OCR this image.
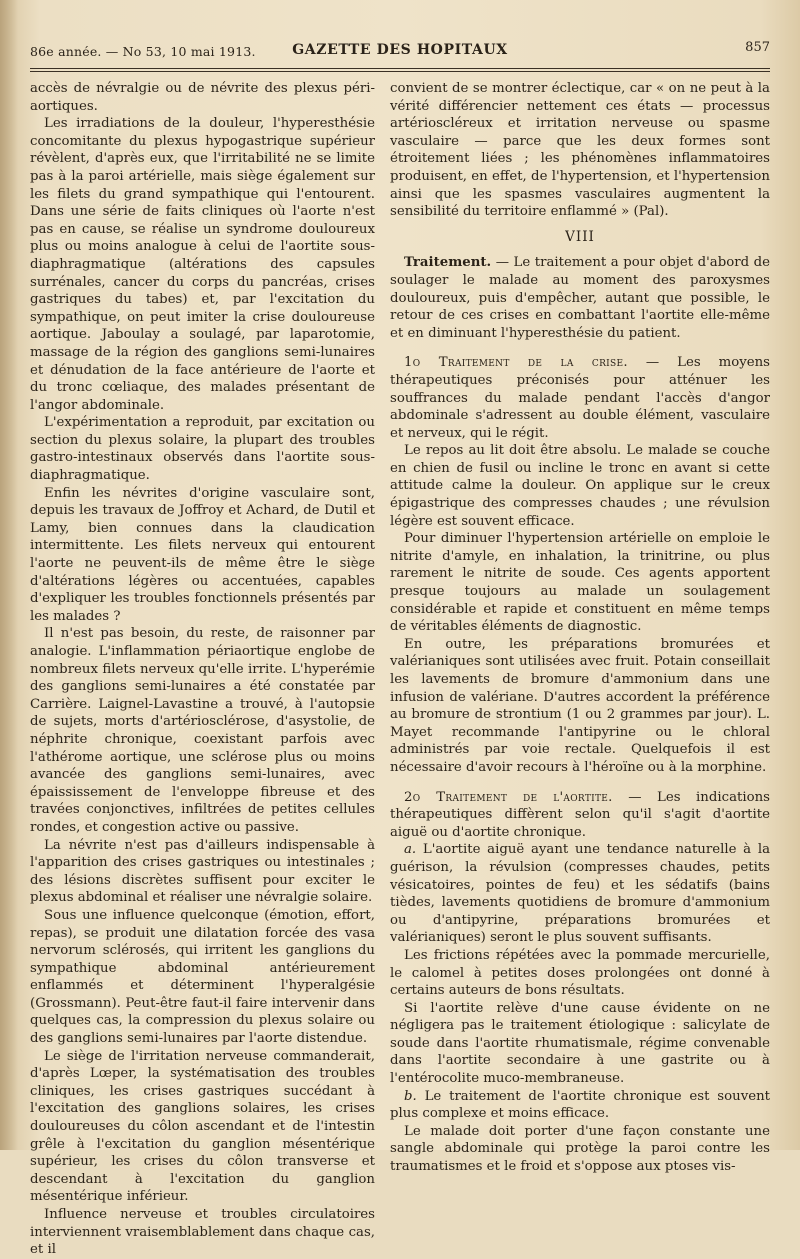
86e année. — No 53, 10 mai 1913.	GAZETTE DES HOPITAUX	857

accès de névralgie ou de névrite des plexus péri-aortiques.

Les irradiations de la douleur, l'hyperesthésie concomitante du plexus hypogastrique supérieur révèlent, d'après eux, que l'irritabilité ne se limite pas à la paroi artérielle, mais siège également sur les filets du grand sympathique qui l'entourent. Dans une série de faits cliniques où l'aorte n'est pas en cause, se réalise un syndrome douloureux plus ou moins analogue à celui de l'aortite sous-diaphragmatique (altérations des capsules surrénales, cancer du corps du pancréas, crises gastriques du tabes) et, par l'excitation du sympathique, on peut imiter la crise douloureuse aortique. Jaboulay a soulagé, par laparotomie, massage de la région des ganglions semi-lunaires et dénudation de la face antérieure de l'aorte et du tronc cœliaque, des malades présentant de l'angor abdominale.

L'expérimentation a reproduit, par excitation ou section du plexus solaire, la plupart des troubles gastro-intestinaux observés dans l'aortite sous-diaphragmatique.

Enfin les névrites d'origine vasculaire sont, depuis les travaux de Joffroy et Achard, de Dutil et Lamy, bien connues dans la claudication intermittente. Les filets nerveux qui entourent l'aorte ne peuvent-ils de même être le siège d'altérations légères ou accentuées, capables d'expliquer les troubles fonctionnels présentés par les malades ?

Il n'est pas besoin, du reste, de raisonner par analogie. L'inflammation périaortique englobe de nombreux filets nerveux qu'elle irrite. L'hyperémie des ganglions semi-lunaires a été constatée par Carrière. Laignel-Lavastine a trouvé, à l'autopsie de sujets, morts d'artériosclérose, d'asystolie, de néphrite chronique, coexistant parfois avec l'athérome aortique, une sclérose plus ou moins avancée des ganglions semi-lunaires, avec épaississement de l'enveloppe fibreuse et des travées conjonctives, infiltrées de petites cellules rondes, et congestion active ou passive.

La névrite n'est pas d'ailleurs indispensable à l'apparition des crises gastriques ou intestinales ; des lésions discrètes suffisent pour exciter le plexus abdominal et réaliser une névralgie solaire.

Sous une influence quelconque (émotion, effort, repas), se produit une dilatation forcée des vasa nervorum sclérosés, qui irritent les ganglions du sympathique abdominal antérieurement enflammés et déterminent l'hyperalgésie (Grossmann). Peut-être faut-il faire intervenir dans quelques cas, la compression du plexus solaire ou des ganglions semi-lunaires par l'aorte distendue.

Le siège de l'irritation nerveuse commanderait, d'après Lœper, la systématisation des troubles cliniques, les crises gastriques succédant à l'excitation des ganglions solaires, les crises douloureuses du côlon ascendant et de l'intestin grêle à l'excitation du ganglion mésentérique supérieur, les crises du côlon transverse et descendant à l'excitation du ganglion mésentérique inférieur.

Influence nerveuse et troubles circulatoires interviennent vraisemblablement dans chaque cas, et il

convient de se montrer éclectique, car « on ne peut à la vérité différencier nettement ces états — processus artérioscléreux et irritation nerveuse ou spasme vasculaire — parce que les deux formes sont étroitement liées ; les phénomènes inflammatoires produisent, en effet, de l'hypertension, et l'hypertension ainsi que les spasmes vasculaires augmentent la sensibilité du territoire enflammé » (Pal).

VIII

Traitement. — Le traitement a pour objet d'abord de soulager le malade au moment des paroxysmes douloureux, puis d'empêcher, autant que possible, le retour de ces crises en combattant l'aortite elle-même et en diminuant l'hyperesthésie du patient.

1o Traitement de la crise. — Les moyens thérapeutiques préconisés pour atténuer les souffrances du malade pendant l'accès d'angor abdominale s'adressent au double élément, vasculaire et nerveux, qui le régit.

Le repos au lit doit être absolu. Le malade se couche en chien de fusil ou incline le tronc en avant si cette attitude calme la douleur. On applique sur le creux épigastrique des compresses chaudes ; une révulsion légère est souvent efficace.

Pour diminuer l'hypertension artérielle on emploie le nitrite d'amyle, en inhalation, la trinitrine, ou plus rarement le nitrite de soude. Ces agents apportent presque toujours au malade un soulagement considérable et rapide et constituent en même temps de véritables éléments de diagnostic.

En outre, les préparations bromurées et valérianiques sont utilisées avec fruit. Potain conseillait les lavements de bromure d'ammonium dans une infusion de valériane. D'autres accordent la préférence au bromure de strontium (1 ou 2 grammes par jour). L. Mayet recommande l'antipyrine ou le chloral administrés par voie rectale. Quelquefois il est nécessaire d'avoir recours à l'héroïne ou à la morphine.

2o Traitement de l'aortite. — Les indications thérapeutiques diffèrent selon qu'il s'agit d'aortite aiguë ou d'aortite chronique.

a. L'aortite aiguë ayant une tendance naturelle à la guérison, la révulsion (compresses chaudes, petits vésicatoires, pointes de feu) et les sédatifs (bains tièdes, lavements quotidiens de bromure d'ammonium ou d'antipyrine, préparations bromurées et valérianiques) seront le plus souvent suffisants.

Les frictions répétées avec la pommade mercurielle, le calomel à petites doses prolongées ont donné à certains auteurs de bons résultats.

Si l'aortite relève d'une cause évidente on ne négligera pas le traitement étiologique : salicylate de soude dans l'aortite rhumatismale, régime convenable dans l'aortite secondaire à une gastrite ou à l'entérocolite muco-membraneuse.

b. Le traitement de l'aortite chronique est souvent plus complexe et moins efficace.

Le malade doit porter d'une façon constante une sangle abdominale qui protège la paroi contre les traumatismes et le froid et s'oppose aux ptoses vis-
